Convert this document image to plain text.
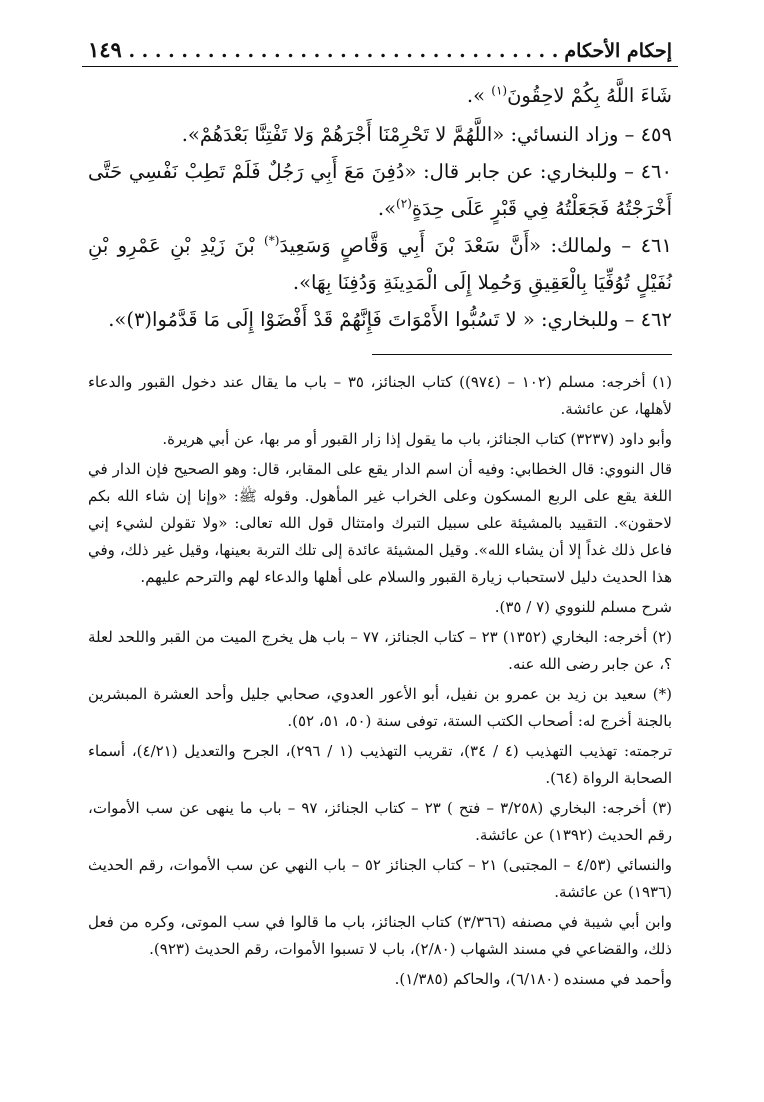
إحكام الأحكام
. . . . . . . . . . . . . . . . . . . . . . . . . . . . . . . . .
١٤٩

شَاءَ اللَّهُ بِكُمْ لاحِقُونَ$^{(١)}$ ».

٤٥٩ – وزاد النسائي: «اللَّهُمَّ لا تَحْرِمْنَا أَجْرَهُمْ وَلا تَفْتِنَّا بَعْدَهُمْ».

٤٦٠ – وللبخاري: عن جابر قال: «دُفِنَ مَعَ أَبِي رَجُلٌ فَلَمْ تَطِبْ نَفْسِي حَتَّى أَخْرَجْتُهُ فَجَعَلْتُهُ فِي قَبْرٍ عَلَى حِدَةٍ$^{(٢)}$».

٤٦١ – ولمالك: «أَنَّ سَعْدَ بْنَ أَبِي وَقَّاصٍ وَسَعِيدَ(*) بْنَ زَيْدِ بْنِ عَمْرِو بْنِ نُفَيْلٍ تُوُفِّيَا بِالْعَقِيقِ وَحُمِلا إِلَى الْمَدِينَةِ وَدُفِنَا بِهَا».

٤٦٢ – وللبخاري: « لا تَسُبُّوا الأَمْوَاتَ فَإِنَّهُمْ قَدْ أَفْضَوْا إِلَى مَا قَدَّمُوا(٣)».

(١) أخرجه: مسلم (١٠٢ – (٩٧٤)) كتاب الجنائز، ٣٥ – باب ما يقال عند دخول القبور والدعاء لأهلها، عن عائشة.

وأبو داود (٣٢٣٧) كتاب الجنائز، باب ما يقول إذا زار القبور أو مر بها، عن أبي هريرة.

قال النووي: قال الخطابي: وفيه أن اسم الدار يقع على المقابر، قال: وهو الصحيح فإن الدار في اللغة يقع على الربع المسكون وعلى الخراب غير المأهول. وقوله ﷺ: «وإنا إن شاء الله بكم لاحقون». التقييد بالمشيئة على سبيل التبرك وامتثال قول الله تعالى: «ولا تقولن لشيء إني فاعل ذلك غداً إلا أن يشاء الله». وقيل المشيئة عائدة إلى تلك التربة بعينها، وقيل غير ذلك، وفي هذا الحديث دليل لاستحباب زيارة القبور والسلام على أهلها والدعاء لهم والترحم عليهم.

شرح مسلم للنووي (٧ / ٣٥).

(٢) أخرجه: البخاري (١٣٥٢) ٢٣ – كتاب الجنائز، ٧٧ – باب هل يخرج الميت من القبر واللحد لعلة ؟، عن جابر رضى الله عنه.

(*) سعيد بن زيد بن عمرو بن نفيل، أبو الأعور العدوي، صحابي جليل وأحد العشرة المبشرين بالجنة أخرج له: أصحاب الكتب الستة، توفى سنة (٥٠، ٥١، ٥٢).

ترجمته: تهذيب التهذيب (٤ / ٣٤)، تقريب التهذيب (١ / ٢٩٦)، الجرح والتعديل (٤/٢١)، أسماء الصحابة الرواة (٦٤).

(٣) أخرجه: البخاري (٣/٢٥٨ – فتح ) ٢٣ – كتاب الجنائز، ٩٧ – باب ما ينهى عن سب الأموات، رقم الحديث (١٣٩٢) عن عائشة.

والنسائي (٤/٥٣ – المجتبى) ٢١ – كتاب الجنائز ٥٢ – باب النهي عن سب الأموات، رقم الحديث (١٩٣٦) عن عائشة.

وابن أبي شيبة في مصنفه (٣/٣٦٦) كتاب الجنائز، باب ما قالوا في سب الموتى، وكره من فعل ذلك، والقضاعي في مسند الشهاب (٢/٨٠)، باب لا تسبوا الأموات، رقم الحديث (٩٢٣).

وأحمد في مسنده (٦/١٨٠)، والحاكم (١/٣٨٥).
